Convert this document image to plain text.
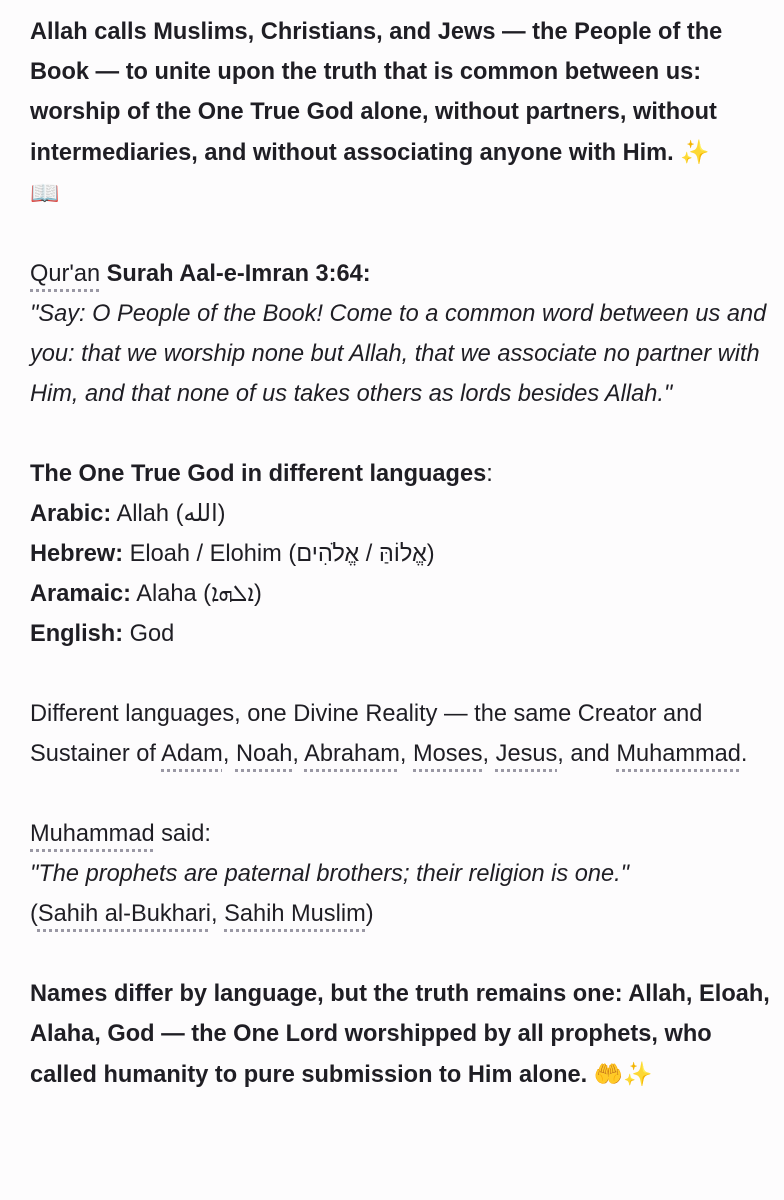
Allah calls Muslims, Christians, and Jews — the People of the Book — to unite upon the truth that is common between us: worship of the One True God alone, without partners, without intermediaries, and without associating anyone with Him. ✨
📖

Qur'an Surah Aal-e-Imran 3:64:

"Say: O People of the Book! Come to a common word between us and you: that we worship none but Allah, that we associate no partner with Him, and that none of us takes others as lords besides Allah."

The One True God in different languages:

Arabic: Allah (الله)

Hebrew: Eloah / Elohim (אֱלוֹהַּ / אֱלֹהִים)

Aramaic: Alaha (ܐܠܗܐ)

English: God

Different languages, one Divine Reality — the same Creator and Sustainer of Adam, Noah, Abraham, Moses, Jesus, and Muhammad.

Muhammad said:

"The prophets are paternal brothers; their religion is one."

(Sahih al-Bukhari, Sahih Muslim)

Names differ by language, but the truth remains one: Allah, Eloah, Alaha, God — the One Lord worshipped by all prophets, who called humanity to pure submission to Him alone. 🤲✨
